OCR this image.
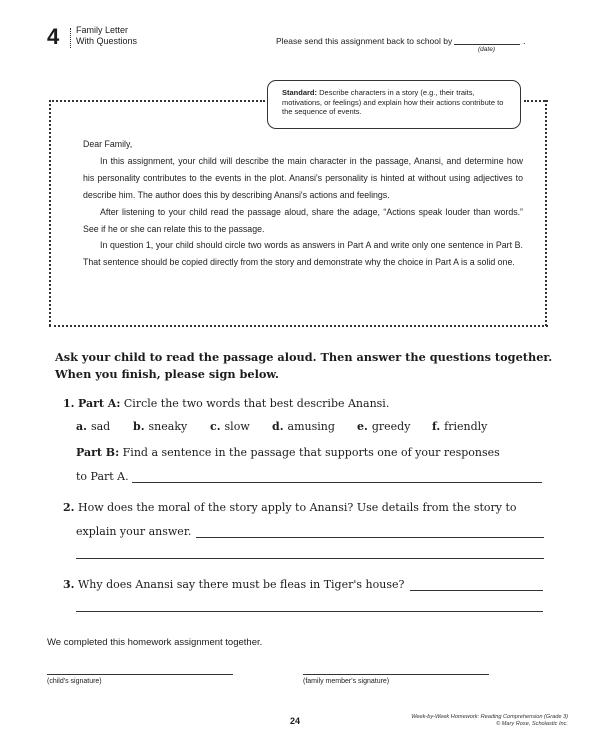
4 Family Letter
With Questions	Please send this assignment back to school by	.
(date)
Standard: Describe characters in a story (e.g., their traits, motivations, or feelings) and explain how their actions contribute to the sequence of events.

Dear Family,

In this assignment, your child will describe the main character in the passage, Anansi, and determine how his personality contributes to the events in the plot. Anansi's personality is hinted at without using adjectives to describe him. The author does this by describing Anansi's actions and feelings.

After listening to your child read the passage aloud, share the adage, “Actions speak louder than words.” See if he or she can relate this to the passage.

In question 1, your child should circle two words as answers in Part A and write only one sentence in Part B. That sentence should be copied directly from the story and demonstrate why the choice in Part A is a solid one.

Ask your child to read the passage aloud. Then answer the questions together.
When you finish, please sign below.
1. Part A: Circle the two words that best describe Anansi.
a. sad b. sneaky c. slow d. amusing e. greedy f. friendly
Part B: Find a sentence in the passage that supports one of your responses
to Part A.
2. How does the moral of the story apply to Anansi? Use details from the story to
explain your answer.
3. Why does Anansi say there must be fleas in Tiger's house?
We completed this homework assignment together.
(child's signature)	(family member's signature)
24	Week-by-Week Homework: Reading Comprehension (Grade 3)
© Mary Rose, Scholastic Inc.
